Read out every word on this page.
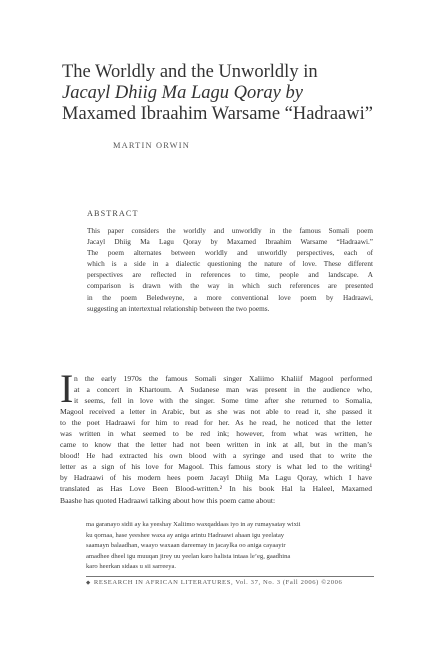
The Worldly and the Unworldly in
Jacayl Dhiig Ma Lagu Qoray by
Maxamed Ibraahim Warsame “Hadraawi”
MARTIN ORWIN
ABSTRACT
This paper considers the worldly and unworldly in the famous Somali poem
Jacayl Dhiig Ma Lagu Qoray by Maxamed Ibraahim Warsame “Hadraawi.”
The poem alternates between worldly and unworldly perspectives, each of
which is a side in a dialectic questioning the nature of love. These different
perspectives are reflected in references to time, people and landscape. A
comparison is drawn with the way in which such references are presented
in the poem Beledweyne, a more conventional love poem by Hadraawi,
suggesting an intertextual relationship between the two poems.
I n the early 1970s the famous Somali singer Xaliimo Khaliif Magool performed
at a concert in Khartoum. A Sudanese man was present in the audience who,
it seems, fell in love with the singer. Some time after she returned to Somalia,
Magool received a letter in Arabic, but as she was not able to read it, she passed it
to the poet Hadraawi for him to read for her. As he read, he noticed that the letter
was written in what seemed to be red ink; however, from what was written, he
came to know that the letter had not been written in ink at all, but in the man’s
blood! He had extracted his own blood with a syringe and used that to write the
letter as a sign of his love for Magool. This famous story is what led to the writing¹
by Hadraawi of his modern hees poem Jacayl Dhiig Ma Lagu Qoray, which I have
translated as Has Love Been Blood-written.² In his book Hal la Haleel, Maxamed
Baashe has quoted Hadraawi talking about how this poem came about:
ma garanayo sidii ay ka yeeshay Xaliimo waxqaddaas iyo in ay rumaysatay wixii
ku qornaa, hase yeeshee waxa ay aniga arintu Hadraawi ahaan igu yeelatay
saamayn balaadhan, waayo waxaan dareemay in jacaylka oo aniga cayaayir
amadhee dheel igu muuqan jirey uu yeelan karo halista intaas le’eg, gaadhina
karo heerkan sidaas u sii sarreeya.
◆ RESEARCH IN AFRICAN LITERATURES, Vol. 37, No. 3 (Fall 2006) ©2006
